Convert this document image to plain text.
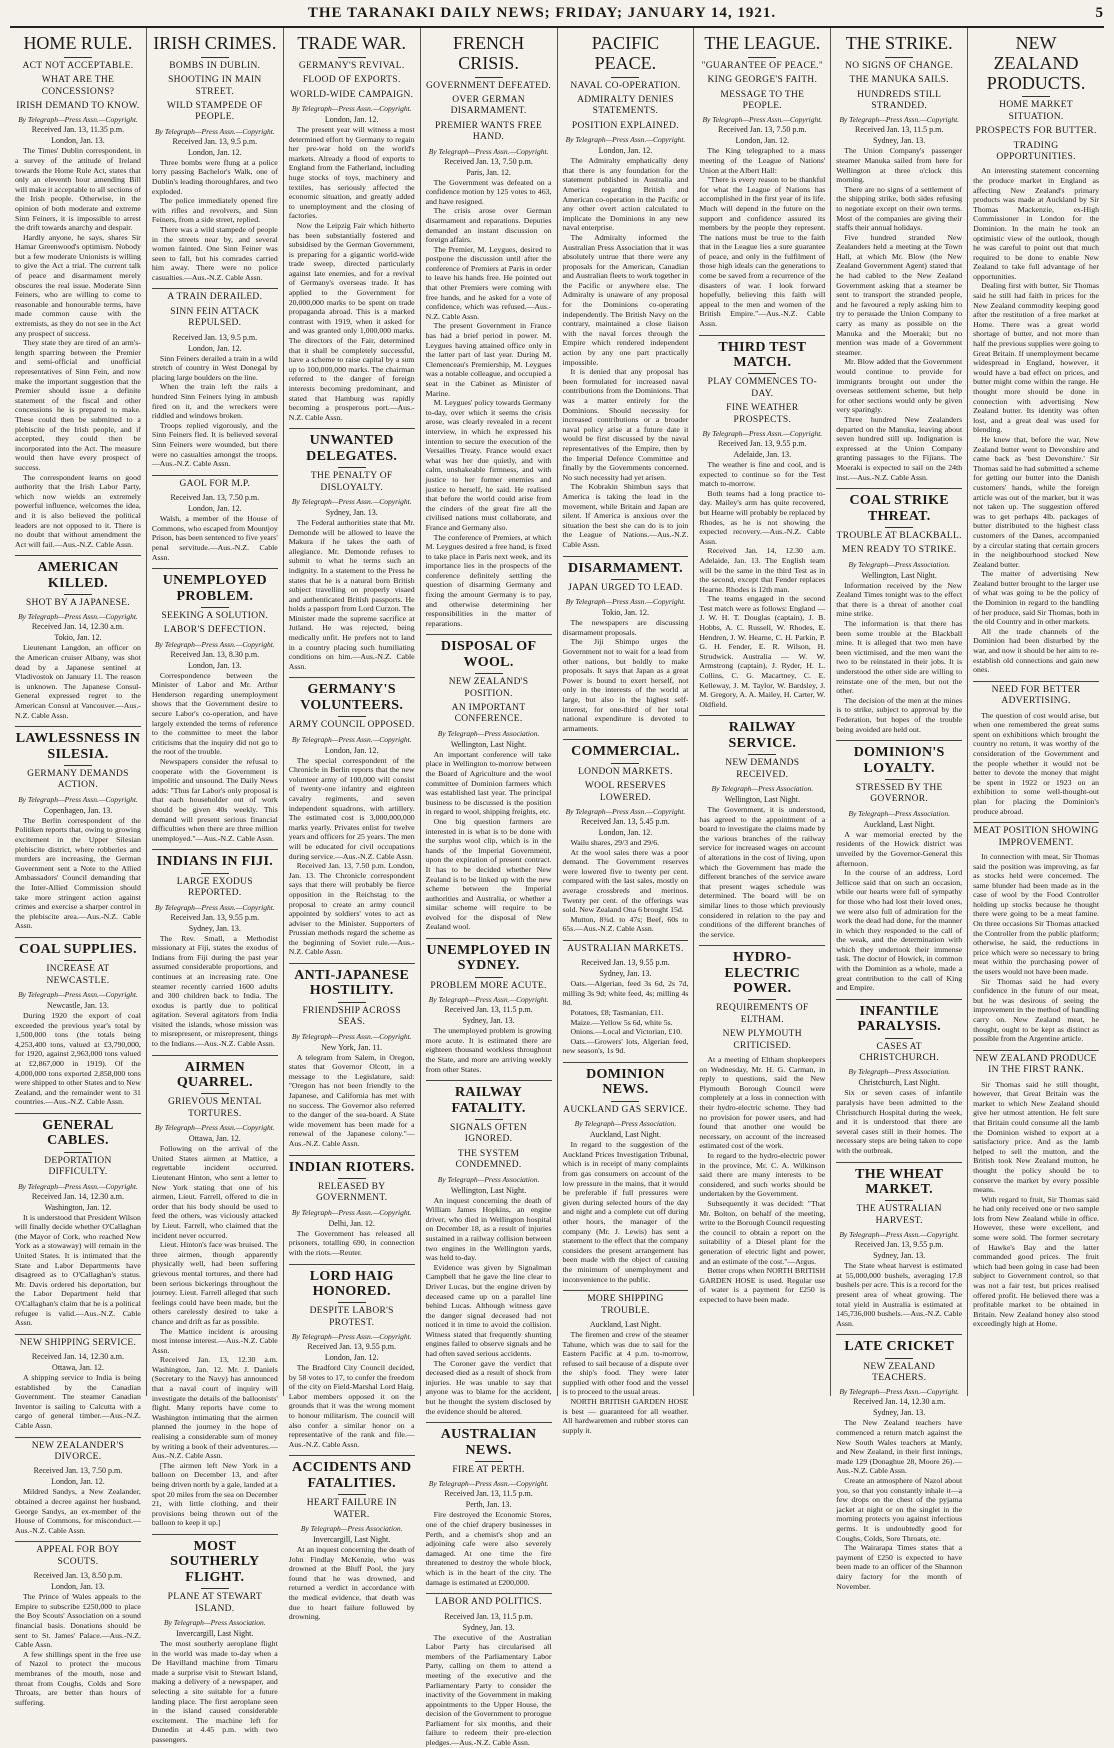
THE TARANAKI DAILY NEWS; FRIDAY; JANUARY 14, 1921.	5
HOME RULE.
ACT NOT ACCEPTABLE.
WHAT ARE THE CONCESSIONS?
IRISH DEMAND TO KNOW.
By Telegraph—Press Assn.—Copyright.
Received Jan. 13, 11.35 p.m.
London, Jan. 13.

The Times' Dublin correspondent, in a survey of the attitude of Ireland towards the Home Rule Act, states that only an eleventh hour amending Bill will make it acceptable to all sections of the Irish people. Otherwise, in the opinion of both moderate and extreme Sinn Feiners, it is impossible to arrest the drift towards anarchy and despair.

Hardly anyone, he says, shares Sir Hamar Greenwood's optimism. Nobody but a few moderate Unionists is willing to give the Act a trial. The current talk of peace and disarmament merely obscures the real issue. Moderate Sinn Feiners, who are willing to come to reasonable and honourable terms, have made common cause with the extremists, as they do not see in the Act any prospect of success.

They state they are tired of an arm's-length sparring between the Premier and semi-official and unofficial representatives of Sinn Fein, and now make the important suggestion that the Premier should issue a definite statement of the fiscal and other concessions he is prepared to make. These could then be submitted to a plebiscite of the Irish people, and if accepted, they could then be incorporated into the Act. The measure would then have every prospect of success.

The correspondent learns on good authority that the Irish Labor Party, which now wields an extremely powerful influence, welcomes the idea, and it is also believed the political leaders are not opposed to it. There is no doubt that without amendment the Act will fail.—Aus.-N.Z. Cable Assn.

AMERICAN KILLED.
SHOT BY A JAPANESE.
By Telegraph—Press Assn.—Copyright.
Received Jan. 14, 12.30 a.m.
Tokio, Jan. 12.

Lieutenant Langdon, an officer on the American cruiser Albany, was shot dead by a Japanese sentinel at Vladivostok on January 11. The reason is unknown. The Japanese Consul-General expressed regret to the American Consul at Vancouver.—Aus.-N.Z. Cable Assn.

LAWLESSNESS IN SILESIA.
GERMANY DEMANDS ACTION.
By Telegraph—Press Assn.—Copyright.
Copenhagen, Jan. 13.

The Berlin correspondent of the Politiken reports that, owing to growing excitement in the Upper Silesian plebiscite district, where robberies and murders are increasing, the German Government sent a Note to the Allied Ambassadors' Council demanding that the Inter-Allied Commission should take more stringent action against crimes and exercise a sharper control in the plebiscite area.—Aus.-N.Z. Cable Assn.

COAL SUPPLIES.
INCREASE AT NEWCASTLE.
By Telegraph—Press Assn.—Copyright.
Newcastle, Jan. 13.

During 1920 the export of coal exceeded the previous year's total by 1,500,000 tons (the totals being 4,253,400 tons, valued at £3,790,000, for 1920, against 2,963,000 tons valued at £2,867,000 in 1919). Of the 4,000,000 tons exported 2,858,000 tons were shipped to other States and to New Zealand, and the remainder went to 31 countries.—Aus.-N.Z. Cable Assn.

GENERAL CABLES.
DEPORTATION DIFFICULTY.
By Telegraph—Press Assn.—Copyright.
Received Jan. 14, 12.30 a.m.
Washington, Jan. 12.

It is understood that President Wilson will finally decide whether O'Callaghan (the Mayor of Cork, who reached New York as a stowaway) will remain in the United States. It is intimated that the State and Labor Departments have disagreed as to O'Callaghan's status. Mr. Davis ordered his deportation, but the Labor Department held that O'Callaghan's claim that he is a political refugee is valid.—Aus.-N.Z. Cable Assn.

NEW SHIPPING SERVICE.
Received Jan. 14, 12.30 a.m.
Ottawa, Jan. 12.

A shipping service to India is being established by the Canadian Government. The steamer Canadian Inventor is sailing to Calcutta with a cargo of general timber.—Aus.-N.Z. Cable Assn.

NEW ZEALANDER'S DIVORCE.
Received Jan. 13, 7.50 p.m.
London, Jan. 12.

Mildred Sandys, a New Zealander, obtained a decree against her husband, George Sandys, an ex-member of the House of Commons, for misconduct.—Aus.-N.Z. Cable Assn.

APPEAL FOR BOY SCOUTS.
Received Jan. 13, 8.50 p.m.
London, Jan. 13.

The Prince of Wales appeals to the Empire to subscribe £250,000 to place the Boy Scouts' Association on a sound financial basis. Donations should be sent to St. James' Palace.—Aus.-N.Z. Cable Assn.

A few shillings spent in the free use of Nazol to protect the mucous membranes of the mouth, nose and throat from Coughs, Colds and Sore Throats, are better than hours of suffering.

IRISH CRIMES.
BOMBS IN DUBLIN.
SHOOTING IN MAIN STREET.
WILD STAMPEDE OF PEOPLE.
By Telegraph—Press Assn.—Copyright.
Received Jan. 13, 9.5 p.m.
London, Jan. 12.

Three bombs were flung at a police lorry passing Bachelor's Walk, one of Dublin's leading thoroughfares, and two exploded.

The police immediately opened fire with rifles and revolvers, and Sinn Feiners, from a side street, replied.

There was a wild stampede of people in the streets near by, and several women fainted. One Sinn Feiner was seen to fall, but his comrades carried him away. There were no police casualties.—Aus.-N.Z. Cable Assn.

A TRAIN DERAILED.
SINN FEIN ATTACK REPULSED.
Received Jan. 13, 9.5 p.m.
London, Jan. 12.

Sinn Feiners derailed a train in a wild stretch of country in West Donegal by placing large boulders on the line.

When the train left the rails a hundred Sinn Feiners lying in ambush fired on it, and the wreckers were riddled and windows broken.

Troops replied vigorously, and the Sinn Feiners fled. It is believed several Sinn Feiners were wounded, but there were no casualties amongst the troops.—Aus.-N.Z. Cable Assn.

GAOL FOR M.P.
Received Jan. 13, 7.50 p.m.
London, Jan. 12.

Walsh, a member of the House of Commons, who escaped from Mountjoy Prison, has been sentenced to five years' penal servitude.—Aus.-N.Z. Cable Assn.

UNEMPLOYED PROBLEM.
SEEKING A SOLUTION.
LABOR'S DEFECTION.
By Telegraph—Press Assn.—Copyright.
Received Jan. 13, 8.30 p.m.
London, Jan. 13.

Correspondence between the Minister of Labor and Mr. Arthur Henderson regarding unemployment shows that the Government desire to secure Labor's co-operation, and have largely extended the terms of reference to the committee to meet the labor criticisms that the inquiry did not go to the root of the trouble.

Newspapers consider the refusal to cooperate with the Government is impolitic and unsound. The Daily News adds: "Thus far Labor's only proposal is that each householder out of work should be given 40s weekly. This demand will present serious financial difficulties when there are three million unemployed."—Aus.-N.Z. Cable Assn.

INDIANS IN FIJI.
LARGE EXODUS REPORTED.
By Telegraph—Press Assn.—Copyright.
Received Jan. 13, 9.55 p.m.
Sydney, Jan. 13.

The Rev. Small, a Methodist missionary at Fiji, states the exodus of Indians from Fiji during the past year assumed considerable proportions, and continues at an increasing rate. One steamer recently carried 1600 adults and 300 children back to India. The exodus is partly due to political agitation. Several agitators from India visited the islands, whose mission was to misrepresent, or misrepresent, things to the Indians.—Aus.-N.Z. Cable Assn.

AIRMEN QUARREL.
GRIEVOUS MENTAL TORTURES.
By Telegraph—Press Assn.—Copyright.
Ottawa, Jan. 12.

Following on the arrival of the United States airmen at Mattice, a regrettable incident occurred. Lieutenant Hinton, who sent a letter to New York stating that one of his airmen, Lieut. Farrell, offered to die in order that his body should be used to feed the others, was viciously attacked by Lieut. Farrell, who claimed that the incident never occurred.

Lieut. Hinton's face was bruised. The three airmen, though apparently physically well, had been suffering grievous mental tortures, and there had been serious bickerings throughout the journey. Lieut. Farrell alleged that such feelings could have been made, but the others carelessly desired to take a chance and drift as far as possible.

The Mattice incident is arousing most intense interest.—Aus.-N.Z. Cable Assn.

Received Jan. 13, 12.30 a.m. Washington, Jan. 12. Mr. J. Daniels (Secretary to the Navy) has announced that a naval court of inquiry will investigate the details of the balloonists' flight. Many reports have come to Washington intimating that the airmen planned the journey in the hope of realising a considerable sum of money by writing a book of their adventures.—Aus.-N.Z. Cable Assn.

[The airmen left New York in a balloon on December 13, and after being driven north by a gale, landed at a spot 20 miles from the sea on December 21, with little clothing, and their provisions being thrown out of the balloon to keep it up.]

MOST SOUTHERLY FLIGHT.
PLANE AT STEWART ISLAND.
By Telegraph—Press Association.
Invercargill, Last Night.

The most southerly aeroplane flight in the world was made to-day when a De Havilland machine from Timaru made a surprise visit to Stewart Island, making a delivery of a newspaper, and selecting a site suitable for a future landing place. The first aeroplane seen in the island caused considerable excitement. The machine left for Dunedin at 4.45 p.m. with two passengers.

TRADE WAR.
GERMANY'S REVIVAL.
FLOOD OF EXPORTS.
WORLD-WIDE CAMPAIGN.
By Telegraph—Press Assn.—Copyright.
London, Jan. 12.

The present year will witness a most determined effort by Germany to regain her pre-war hold on the world's markets. Already a flood of exports to England from the Fatherland, including huge stocks of toys, machinery and textiles, has seriously affected the economic situation, and greatly added to unemployment and the closing of factories.

Now the Leipzig Fair which hitherto has been substantially fostered and subsidised by the German Government, is preparing for a gigantic world-wide trade sweep, directed particularly against late enemies, and for a revival of Germany's overseas trade. It has applied to the Government for 20,000,000 marks to be spent on trade propaganda abroad. This is a marked contrast with 1919, when it asked for and was granted only 1,000,000 marks. The directors of the Fair, determined that it shall be completely successful, have a scheme to raise capital by a sum up to 100,000,000 marks. The chairman referred to the danger of foreign interests becoming predominant, and stated that Hamburg was rapidly becoming a prosperous port.—Aus.-N.Z. Cable Assn.

UNWANTED DELEGATES.
THE PENALTY OF DISLOYALTY.
By Telegraph—Press Assn.—Copyright.
Sydney, Jan. 13.

The Federal authorities state that Mr. Demonde will be allowed to leave the Makura if he takes the oath of allegiance. Mr. Demonde refuses to submit to what he terms such an indignity. In a statement to the Press he states that he is a natural born British subject travelling on properly visaed and authenticated British passports. He holds a passport from Lord Curzon. The Minister made the supreme sacrifice at Jutland. He was rejected, being medically unfit. He prefers not to land in a country placing such humiliating conditions on him.—Aus.-N.Z. Cable Assn.

GERMANY'S VOLUNTEERS.
ARMY COUNCIL OPPOSED.
By Telegraph—Press Assn.—Copyright.
London, Jan. 12.

The special correspondent of the Chronicle in Berlin reports that the new volunteer army of 100,000 will consist of twenty-one infantry and eighteen cavalry regiments, and seven independent squadrons, with artillery. The estimated cost is 3,000,000,000 marks yearly. Privates enlist for twelve years and officers for 25 years. The men will be educated for civil occupations during service.—Aus.-N.Z. Cable Assn.

Received Jan. 13, 7.50 p.m. London, Jan. 13. The Chronicle correspondent says that there will probably be fierce opposition in the Reichstag to the proposal to create an army council appointed by soldiers' votes to act as adviser to the Minister. Supporters of Prussian methods regard the scheme as the beginning of Soviet rule.—Aus.-N.Z. Cable Assn.

ANTI-JAPANESE HOSTILITY.
FRIENDSHIP ACROSS SEAS.
By Telegraph—Press Assn.—Copyright.
New York, Jan. 11.

A telegram from Salem, in Oregon, states that Governor Olcott, in a message to the Legislature, said: "Oregon has not been friendly to the Japanese, and California has met with no success. The Governor also referred to the danger of the sea-board. A State wide movement has been made for a renewal of the Japanese colony."—Aus.-N.Z. Cable Assn.

INDIAN RIOTERS.
RELEASED BY GOVERNMENT.
By Telegraph—Press Assn.—Copyright.
Delhi, Jan. 12.

The Government has released all prisoners, totalling 690, in connection with the riots.—Reuter.

LORD HAIG HONORED.
DESPITE LABOR'S PROTEST.
By Telegraph—Press Assn.—Copyright.
Received Jan. 13, 9.55 p.m.
London, Jan. 12.

The Bradford City Council decided, by 58 votes to 17, to confer the freedom of the city on Field-Marshal Lord Haig. Labor members opposed it on the grounds that it was the wrong moment to honour militarism. The council will also confer a similar honor on a representative of the rank and file.—Aus.-N.Z. Cable Assn.

ACCIDENTS AND FATALITIES.
HEART FAILURE IN WATER.
By Telegraph—Press Association.
Invercargill, Last Night.

At an inquest concerning the death of John Findlay McKenzie, who was drowned at the Bluff Pool, the jury found that he was drowned, and returned a verdict in accordance with the medical evidence, that death was due to heart failure followed by drowning.

FRENCH CRISIS.
GOVERNMENT DEFEATED.
OVER GERMAN DISARMAMENT.
PREMIER WANTS FREE HAND.
By Telegraph—Press Assn.—Copyright.
Received Jan. 13, 7.50 p.m.
Paris, Jan. 12.

The Government was defeated on a confidence motion by 125 votes to 463, and have resigned.

The crisis arose over German disarmament and reparations. Deputies demanded an instant discussion on foreign affairs.

The Premier, M. Leygues, desired to postpone the discussion until after the conference of Premiers at Paris in order to leave his hands free. He pointed out that other Premiers were coming with free hands, and he asked for a vote of confidence, which was refused.—Aus.-N.Z. Cable Assn.

The present Government in France has had a brief period in power. M. Leygues having attained office only in the latter part of last year. During M. Clemenceau's Premiership, M. Leygues was a notable colleague, and occupied a seat in the Cabinet as Minister of Marine.

M. Leygues' policy towards Germany to-day, over which it seems the crisis arose, was clearly revealed in a recent interview, in which he expressed his intention to secure the execution of the Versailles Treaty. France would exact what was her due quietly, and with calm, unshakeable firmness, and with justice to her former enemies and justice to herself, he said. He realised that before the world could arise from the cinders of the great fire all the civilised nations must collaborate, and France and Germany also.

The conference of Premiers, at which M. Leygues desired a free hand, is fixed to take place in Paris next week, and its importance lies in the prospects of the conference definitely settling the question of disarming Germany and fixing the amount Germany is to pay, and otherwise determining her responsibilities in the matter of reparations.

DISPOSAL OF WOOL.
NEW ZEALAND'S POSITION.
AN IMPORTANT CONFERENCE.
By Telegraph—Press Association.
Wellington, Last Night.

An important conference will take place in Wellington to-morrow between the Board of Agriculture and the wool committee of Dominion farmers which was established last year. The principal business to be discussed is the position in regard to wool, shipping freights, etc.

One big question farmers are interested in is what is to be done with the surplus wool clip, which is in the hands of the Imperial Government, upon the expiration of present contract. It has to be decided whether New Zealand is to be linked up with the new scheme between the Imperial authorities and Australia, or whether a similar scheme will require to be evolved for the disposal of New Zealand wool.

UNEMPLOYED IN SYDNEY.
PROBLEM MORE ACUTE.
By Telegraph—Press Assn.—Copyright.
Received Jan. 13, 11.5 p.m.
Sydney, Jan. 13.

The unemployed problem is growing more acute. It is estimated there are eighteen thousand workless throughout the State, and more are arriving weekly from other States.

RAILWAY FATALITY.
SIGNALS OFTEN IGNORED.
THE SYSTEM CONDEMNED.
By Telegraph—Press Association.
Wellington, Last Night.

An inquest concerning the death of William James Hopkins, an engine driver, who died in Wellington hospital on December 18, as a result of injuries sustained in a railway collision between two engines in the Wellington yards, was held to-day.

Evidence was given by Signalman Campbell that he gave the line clear to Driver Lucas, but the engine driven by deceased came up on a parallel line behind Lucas. Although witness gave the danger signal deceased had not noticed it in time to avoid the collision. Witness stated that frequently shunting engines failed to observe signals and he had often saved serious accidents.

The Coroner gave the verdict that deceased died as a result of shock from injuries. He was unable to say that anyone was to blame for the accident, but he thought the system disclosed by the evidence should be altered.

AUSTRALIAN NEWS.
FIRE AT PERTH.
By Telegraph—Press Assn.—Copyright.
Received Jan. 13, 11.5 p.m.
Perth, Jan. 13.

Fire destroyed the Economic Stores, one of the chief drapery businesses in Perth, and a chemist's shop and an adjoining cafe were also severely damaged. At one time the fire threatened to destroy the whole block, which is in the heart of the city. The damage is estimated at £200,000.

LABOR AND POLITICS.
Received Jan. 13, 11.5 p.m.
Sydney, Jan. 13.

The executive of the Australian Labor Party has circularised all members of the Parliamentary Labor Party, calling on them to attend a meeting of the executive and the Parliamentary Party to consider the inactivity of the Government in making appointments to the Upper House, the decision of the Government to prorogue Parliament for six months, and their failure to redeem their pre-election pledges.—Aus.-N.Z. Cable Assn.

PACIFIC PEACE.
NAVAL CO-OPERATION.
ADMIRALTY DENIES STATEMENTS.
POSITION EXPLAINED.
By Telegraph—Press Assn.—Copyright.
London, Jan. 12.

The Admiralty emphatically deny that there is any foundation for the statement published in Australia and America regarding British and American co-operation in the Pacific or any other overt action calculated to implicate the Dominions in any new naval enterprise.

The Admiralty informed the Australian Press Association that it was absolutely untrue that there were any proposals for the American, Canadian and Australian fleets to work together in the Pacific or anywhere else. The Admiralty is unaware of any proposal for the Dominions co-operating independently. The British Navy on the contrary, maintained a close liaison with the naval forces through the Empire which rendered independent action by any one part practically impossible.

It is denied that any proposal has been formulated for increased naval contributions from the Dominions. That was a matter entirely for the Dominions. Should necessity for increased contributions or a broader naval policy arise at a future date it would be first discussed by the naval representatives of the Empire, then by the Imperial Defence Committee and finally by the Governments concerned. No such necessity had yet arisen.

The Kobrakin Shimbun says that America is taking the lead in the movement, while Britain and Japan are silent. If America is anxious over the situation the best she can do is to join the League of Nations.—Aus.-N.Z. Cable Assn.

DISARMAMENT.
JAPAN URGED TO LEAD.
By Telegraph—Press Assn.—Copyright.
Tokio, Jan. 12.

The newspapers are discussing disarmament proposals.

The Jiji Shimpo urges the Government not to wait for a lead from other nations, but boldly to make proposals. It says that Japan as a great Power is bound to exert herself, not only in the interests of the world at large, but also in the highest self-interest, for one-third of her total national expenditure is devoted to armaments.

COMMERCIAL.
LONDON MARKETS.
WOOL RESERVES LOWERED.
By Telegraph—Press Assn.—Copyright.
Received Jan. 13, 5.45 p.m.
London, Jan. 12.

Wailu shares, 29/3 and 29/6.

At the wool sales there was a poor demand. The Government reserves were lowered five to twenty per cent. compared with the last sales, mostly on average crossbreds and merinos. Twenty per cent. of the offerings was sold. New Zealand Ona 6 brought 15d.

Mutton, 8¾d. to 47s; Beef, 60s to 65s.—Aus.-N.Z. Cable Assn.

AUSTRALIAN MARKETS.
Received Jan. 13, 9.55 p.m.
Sydney, Jan. 13.

Oats.—Algerian, feed 3s 6d, 2s 7d, milling 3s 9d; white feed, 4s; milling 4s 8d.

Potatoes, £8; Tasmanian, £11.

Maize.—Yellow 5s 6d, white 5s.

Onions.—Local and Victorian, £10.

Oats.—Growers' lots, Algerian feed, new season's, 1s 9d.

DOMINION NEWS.
AUCKLAND GAS SERVICE.
By Telegraph—Press Association.
Auckland, Last Night.

In regard to the suggestion of the Auckland Prices Investigation Tribunal, which is in receipt of many complaints from gas consumers on account of the low pressure in the mains, that it would be preferable if full pressures were given during selected hours of the day and night and a complete cut off during other hours, the manager of the company (Mr. J. Lewis) has sent a statement to the effect that the company considers the present arrangement has been made with the object of causing the minimum of unemployment and inconvenience to the public.

MORE SHIPPING TROUBLE.
Auckland, Last Night.

The firemen and crew of the steamer Tahune, which was due to sail for the Eastern Pacific at 4 p.m. to-morrow, refused to sail because of a dispute over the ship's food. They were later supplied with other food and the vessel is to proceed to the usual areas.

NORTH BRITISH GARDEN HOSE is best — guaranteed for all weather. All hardwaremen and rubber stores can supply it.

THE LEAGUE.
"GUARANTEE OF PEACE."
KING GEORGE'S FAITH.
MESSAGE TO THE PEOPLE.
By Telegraph—Press Assn.—Copyright.
Received Jan. 13, 7.50 p.m.
London, Jan. 12.

The King telegraphed to a mass meeting of the League of Nations' Union at the Albert Hall:

"There is every reason to be thankful for what the League of Nations has accomplished in the first year of its life. Much will depend in the future on the support and confidence assured its members by the people they represent. The nations must be true to the faith that in the League lies a sure guarantee of peace, and only in the fulfilment of those high ideals can the generations to come be saved from a recurrence of the disasters of war. I look forward hopefully, believing this faith will appeal to the men and women of the British Empire."—Aus.-N.Z. Cable Assn.

THIRD TEST MATCH.
PLAY COMMENCES TO-DAY.
FINE WEATHER PROSPECTS.
By Telegraph—Press Assn.—Copyright.
Received Jan. 13, 9.55 p.m.
Adelaide, Jan. 13.

The weather is fine and cool, and is expected to continue so for the Test match to-morrow.

Both teams had a long practice to-day. Mailey's arm has quite recovered, but Hearne will probably be replaced by Rhodes, as he is not showing the expected recovery.—Aus.-N.Z. Cable Assn.

Received Jan. 14, 12.30 a.m. Adelaide, Jan. 13. The English team will be the same in the third Test as in the second, except that Fender replaces Hearne. Rhodes is 12th man.

The teams engaged in the second Test match were as follows: England — J. W. H. T. Douglas (captain), J. B. Hobbs, A. C. Russell, W. Rhodes, E. Hendren, J. W. Hearne, C. H. Parkin, P. G. H. Fender, E. R. Wilson, H. Strudwick. Australia — W. W. Armstrong (captain), J. Ryder, H. L. Collins, C. G. Macartney, C. E. Kelleway, J. M. Taylor, W. Bardsley, J. M. Gregory, A. A. Mailey, H. Carter, W. Oldfield.

RAILWAY SERVICE.
NEW DEMANDS RECEIVED.
By Telegraph—Press Association.
Wellington, Last Night.

The Government, it is understood, has agreed to the appointment of a board to investigate the claims made by the various branches of the railway service for increased wages on account of alterations in the cost of living, upon which the Government has made the different branches of the service aware that present wages schedule was determined. The board will be on similar lines to those which previously considered in relation to the pay and conditions of the different branches of the service.

HYDRO-ELECTRIC POWER.
REQUIREMENTS OF ELTHAM.
NEW PLYMOUTH CRITICISED.

At a meeting of Eltham shopkeepers on Wednesday, Mr. H. G. Carman, in reply to questions, said the New Plymouth Borough Council were completely at a loss in connection with their hydro-electric scheme. They had no provision for power users, and had found that another one would be necessary, on account of the increased estimated cost of the work.

In regard to the hydro-electric power in the province, Mr. C. A. Wilkinson said there are many interests to be considered, and such works should be undertaken by the Government.

Subsequently it was decided: "That Mr. Bolton, on behalf of the meeting, write to the Borough Council requesting the council to obtain a report on the suitability of a Diesel plant for the generation of electric light and power, and an estimate of the cost."—Argus.

Better crops when NORTH BRITISH GARDEN HOSE is used. Regular use of water is a payment for £250 is expected to have been made.

THE STRIKE.
NO SIGNS OF CHANGE.
THE MANUKA SAILS.
HUNDREDS STILL STRANDED.
By Telegraph—Press Assn.—Copyright.
Received Jan. 13, 11.5 p.m.
Sydney, Jan. 13.

The Union Company's passenger steamer Manuka sailed from here for Wellington at three o'clock this morning.

There are no signs of a settlement of the shipping strike, both sides refusing to negotiate except on their own terms. Most of the companies are giving their staffs their annual holidays.

Five hundred stranded New Zealanders held a meeting at the Town Hall, at which Mr. Blow (the New Zealand Government Agent) stated that he had cabled to the New Zealand Government asking that a steamer be sent to transport the stranded people, and he favoured a reply asking him to try to persuade the Union Company to carry as many as possible on the Manuka and the Moeraki; but no mention was made of a Government steamer.

Mr. Blow added that the Government would continue to provide for immigrants brought out under the overseas settlement scheme, but help for other sections would only be given very sparingly.

Three hundred New Zealanders departed on the Manuka, leaving about seven hundred still up. Indignation is expressed at the Union Company granting passages to the Fijians. The Moeraki is expected to sail on the 24th inst.—Aus.-N.Z. Cable Assn.

COAL STRIKE THREAT.
TROUBLE AT BLACKBALL.
MEN READY TO STRIKE.
By Telegraph—Press Association.
Wellington, Last Night.

Information received by the New Zealand Times tonight was to the effect that there is a threat of another coal mine strike.

The information is that there has been some trouble at the Blackball mine. It is alleged that two men have been victimised, and the men want the two to be reinstated in their jobs. It is understood the other side are willing to reinstate one of the men, but not the other.

The decision of the men at the mines is to strike, subject to approval by the Federation, but hopes of the trouble being avoided are held out.

DOMINION'S LOYALTY.
STRESSED BY THE GOVERNOR.
By Telegraph—Press Association.
Auckland, Last Night.

A war memorial erected by the residents of the Howick district was unveiled by the Governor-General this afternoon.

In the course of an address, Lord Jellicoe said that on such an occasion, while our hearts were full of sympathy for those who had lost their loved ones, we were also full of admiration for the work the dead had done, for the manner in which they responded to the call of the weak, and the determination with which they undertook their immense task. The doctor of Howick, in common with the Dominion as a whole, made a great contribution to the call of King and Empire.

INFANTILE PARALYSIS.
CASES AT CHRISTCHURCH.
By Telegraph—Press Association.
Christchurch, Last Night.

Six or seven cases of infantile paralysis have been admitted to the Christchurch Hospital during the week, and it is understood that there are several cases still in their homes. The necessary steps are being taken to cope with the outbreak.

THE WHEAT MARKET.
THE AUSTRALIAN HARVEST.
By Telegraph—Press Assn.—Copyright.
Received Jan. 13, 9.55 p.m.
Sydney, Jan. 13.

The State wheat harvest is estimated at 55,000,000 bushels, averaging 17.8 bushels per acre. This is a record for the present area of wheat growing. The total yield in Australia is estimated at 145,736,000 bushels.—Aus.-N.Z. Cable Assn.

LATE CRICKET
NEW ZEALAND TEACHERS.
By Telegraph—Press Assn.—Copyright.
Received Jan. 14, 12.30 a.m.
Sydney, Jan. 13.

The New Zealand teachers have commenced a return match against the New South Wales teachers at Manly, and New Zealand, in their first innings, made 129 (Donaghue 28, Moore 26).—Aus.-N.Z. Cable Assn.

Create an atmosphere of Nazol about you, so that you constantly inhale it—a few drops on the chest of the pyjama jacket at night or on the singlet in the morning protects you against infectious germs. It is undoubtedly good for Coughs, Colds, Sore Throats, etc.

The Wairarapa Times states that a payment of £250 is expected to have been made to an officer of the Shannon dairy factory for the month of November.

NEW ZEALAND PRODUCTS.
HOME MARKET SITUATION.
PROSPECTS FOR BUTTER.
TRADING OPPORTUNITIES.

An interesting statement concerning the produce market in England as affecting New Zealand's primary products was made at Auckland by Sir Thomas Mackenzie, ex-High Commissioner in London for the Dominion. In the main he took an optimistic view of the outlook, though he was careful to point out that much required to be done to enable New Zealand to take full advantage of her opportunities.

Dealing first with butter, Sir Thomas said he still had faith in prices for the New Zealand commodity keeping good after the restitution of a free market at Home. There was a great world shortage of butter, and not more than half the previous supplies were going to Great Britain. If unemployment became widespread in England, however, it would have a bad effect on prices, and butter might come within the range. He thought more should be done in connection with advertising New Zealand butter. Its identity was often lost, and a great deal was used for blending.

He knew that, before the war, New Zealand butter went to Devonshire and came back as 'best Devonshire.' Sir Thomas said he had submitted a scheme for getting our butter into the Danish customers' hands, while the foreign article was out of the market, but it was not taken up. The suggestion offered was to get perhaps 4lb. packages of butter distributed to the highest class customers of the Danes, accompanied by a circular stating that certain grocers in the neighbourhood stocked New Zealand butter.

The matter of advertising New Zealand butter brought to the larger use of what was going to be the policy of the Dominion in regard to the handling of her produce, said Sir Thomas, both in the old Country and in other markets.

All the trade channels of the Dominion had been disturbed by the war, and now it should be her aim to re-establish old connections and gain new ones.

NEED FOR BETTER ADVERTISING.

The question of cost would arise, but when one remembered the great sums spent on exhibitions which brought the country no return, it was worthy of the consideration of the Government and the people whether it would not be better to devote the money that might be spent in 1922 or 1923 on an exhibition to some well-thought-out plan for placing the Dominion's produce abroad.

MEAT POSITION SHOWING IMPROVEMENT.

In connection with meat, Sir Thomas said the position was improving, as far as stocks held were concerned. The same blunder had been made as in the case of wool by the Food Controller holding up stocks because he thought there were going to be a meat famine. On three occasions Sir Thomas attacked the Controller from the public platform; otherwise, he said, the reductions in price which were so necessary to bring meat within the purchasing power of the users would not have been made.

Sir Thomas said he had every confidence in the future of our meat, but he was desirous of seeing the improvement in the method of handling carry on. New Zealand meat, he thought, ought to be kept as distinct as possible from the Argentine article.

NEW ZEALAND PRODUCE IN THE FIRST RANK.

Sir Thomas said he still thought, however, that Great Britain was the market to which New Zealand should give her utmost attention. He felt sure that Britain could consume all the lamb the Dominion wished to export at a satisfactory price. And as the lamb helped to sell the mutton, and the British took New Zealand mutton, he thought the policy should be to conserve the market by every possible means.

With regard to fruit, Sir Thomas said he had only received one or two sample lots from New Zealand while in office. However, these were excellent, and some were sold. The former secretary of Hawke's Bay and the latter commanded good prices. The fruit which had been going in case had been subject to Government control, so that was not a fair test, but prices realised offered profit. He believed there was a profitable market to be obtained in Britain. New Zealand honey also stood exceedingly high at Home.
